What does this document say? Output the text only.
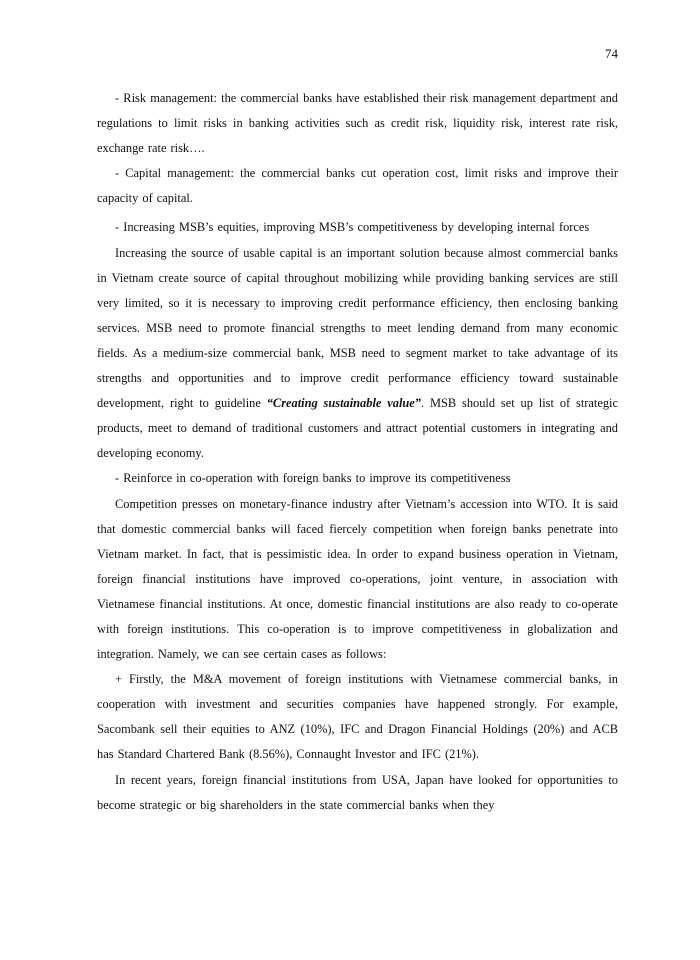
74

- Risk management: the commercial banks have established their risk management department and regulations to limit risks in banking activities such as credit risk, liquidity risk, interest rate risk, exchange rate risk….

- Capital management: the commercial banks cut operation cost, limit risks and improve their capacity of capital.

- Increasing MSB’s equities, improving MSB’s competitiveness by developing internal forces

Increasing the source of usable capital is an important solution because almost commercial banks in Vietnam create source of capital throughout mobilizing while providing banking services are still very limited, so it is necessary to improving credit performance efficiency, then enclosing banking services. MSB need to promote financial strengths to meet lending demand from many economic fields. As a medium-size commercial bank, MSB need to segment market to take advantage of its strengths and opportunities and to improve credit performance efficiency toward sustainable development, right to guideline “Creating sustainable value”. MSB should set up list of strategic products, meet to demand of traditional customers and attract potential customers in integrating and developing economy.

- Reinforce in co-operation with foreign banks to improve its competitiveness

Competition presses on monetary-finance industry after Vietnam’s accession into WTO. It is said that domestic commercial banks will faced fiercely competition when foreign banks penetrate into Vietnam market. In fact, that is pessimistic idea. In order to expand business operation in Vietnam, foreign financial institutions have improved co-operations, joint venture, in association with Vietnamese financial institutions. At once, domestic financial institutions are also ready to co-operate with foreign institutions. This co-operation is to improve competitiveness in globalization and integration. Namely, we can see certain cases as follows:

+ Firstly, the M&A movement of foreign institutions with Vietnamese commercial banks, in cooperation with investment and securities companies have happened strongly. For example, Sacombank sell their equities to ANZ (10%), IFC and Dragon Financial Holdings (20%) and ACB has Standard Chartered Bank (8.56%), Connaught Investor and IFC (21%).

In recent years, foreign financial institutions from USA, Japan have looked for opportunities to become strategic or big shareholders in the state commercial banks when they
